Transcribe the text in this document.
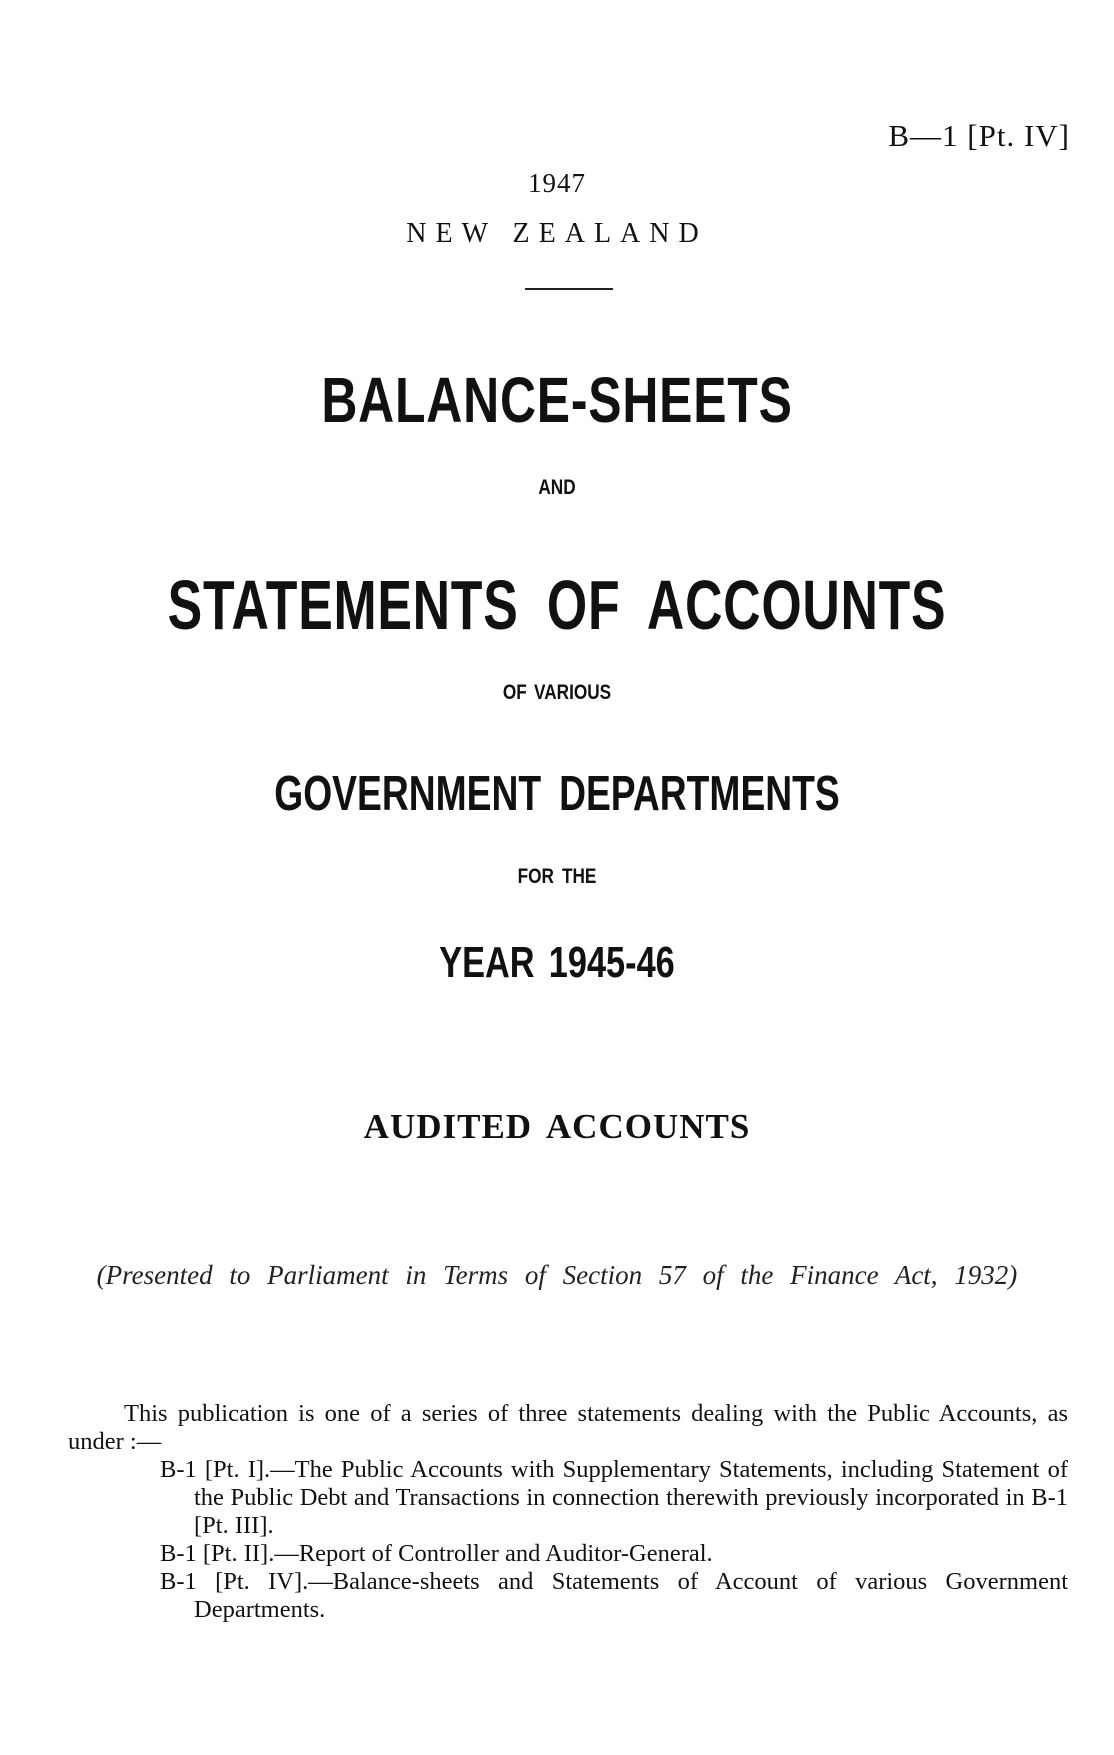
B—1 [Pt. IV]
1947
NEW ZEALAND
BALANCE-SHEETS
AND
STATEMENTS OF ACCOUNTS
OF VARIOUS
GOVERNMENT DEPARTMENTS
FOR THE
YEAR 1945-46
AUDITED ACCOUNTS
(Presented to Parliament in Terms of Section 57 of the Finance Act, 1932)

This publication is one of a series of three statements dealing with the Public Accounts, as under :—

B-1 [Pt. I].—The Public Accounts with Supplementary Statements, including Statement of the Public Debt and Transactions in connection therewith previously incorporated in B-1 [Pt. III].
B-1 [Pt. II].—Report of Controller and Auditor-General.
B-1 [Pt. IV].—Balance-sheets and Statements of Account of various Government Departments.
